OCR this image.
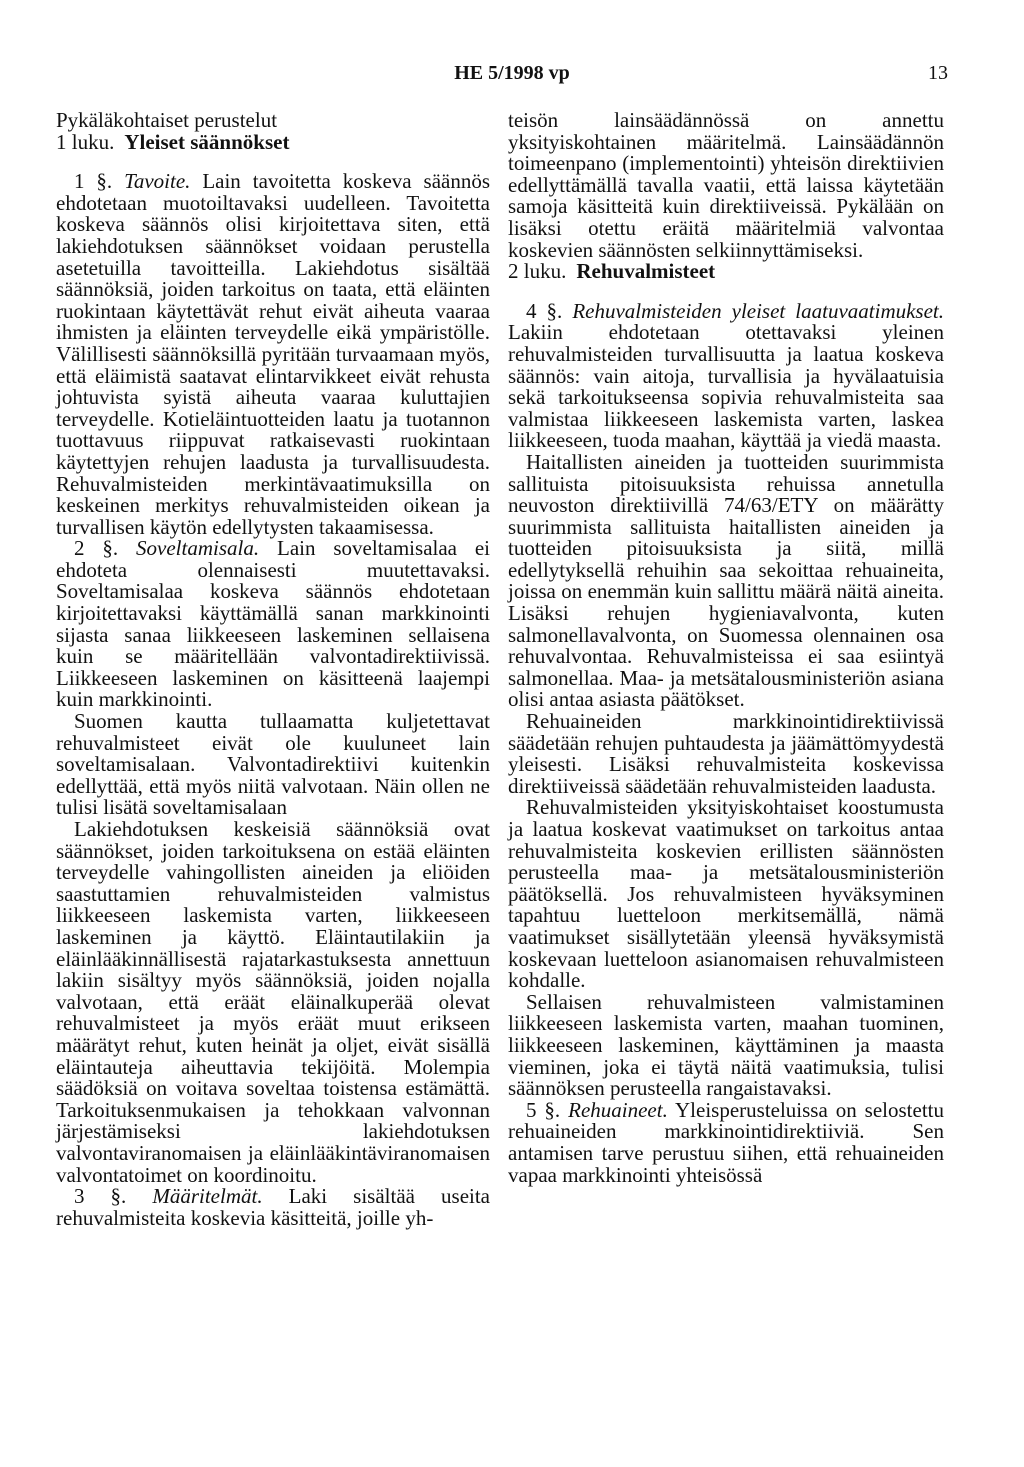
HE 5/1998 vp	13

Pykäläkohtaiset perustelut

1 luku. Yleiset säännökset

1 §. Tavoite. Lain tavoitetta koskeva säännös ehdotetaan muotoiltavaksi uudelleen. Tavoitetta koskeva säännös olisi kirjoitettava siten, että lakiehdotuksen säännökset voidaan perustella asetetuilla tavoitteilla. Lakiehdotus sisältää säännöksiä, joiden tarkoitus on taata, että eläinten ruokintaan käytettävät rehut eivät aiheuta vaaraa ihmisten ja eläinten terveydelle eikä ympäristölle. Välillisesti säännöksillä pyritään turvaamaan myös, että eläimistä saatavat elintarvikkeet eivät rehusta johtuvista syistä aiheuta vaaraa kuluttajien terveydelle. Kotieläintuotteiden laatu ja tuotannon tuottavuus riippuvat ratkaisevasti ruokintaan käytettyjen rehujen laadusta ja turvallisuudesta. Rehuvalmisteiden merkintävaatimuksilla on keskeinen merkitys rehuvalmisteiden oikean ja turvallisen käytön edellytysten takaamisessa.

2 §. Soveltamisala. Lain soveltamisalaa ei ehdoteta olennaisesti muutettavaksi. Soveltamisalaa koskeva säännös ehdotetaan kirjoitettavaksi käyttämällä sanan markkinointi sijasta sanaa liikkeeseen laskeminen sellaisena kuin se määritellään valvontadirektiivissä. Liikkeeseen laskeminen on käsitteenä laajempi kuin markkinointi.

Suomen kautta tullaamatta kuljetettavat rehuvalmisteet eivät ole kuuluneet lain soveltamisalaan. Valvontadirektiivi kuitenkin edellyttää, että myös niitä valvotaan. Näin ollen ne tulisi lisätä soveltamisalaan

Lakiehdotuksen keskeisiä säännöksiä ovat säännökset, joiden tarkoituksena on estää eläinten terveydelle vahingollisten aineiden ja eliöiden saastuttamien rehuvalmisteiden valmistus liikkeeseen laskemista varten, liikkeeseen laskeminen ja käyttö. Eläintautilakiin ja eläinlääkinnällisestä rajatarkastuksesta annettuun lakiin sisältyy myös säännöksiä, joiden nojalla valvotaan, että eräät eläinalkuperää olevat rehuvalmisteet ja myös eräät muut erikseen määrätyt rehut, kuten heinät ja oljet, eivät sisällä eläintauteja aiheuttavia tekijöitä. Molempia säädöksiä on voitava soveltaa toistensa estämättä. Tarkoituksenmukaisen ja tehokkaan valvonnan järjestämiseksi lakiehdotuksen valvontaviranomaisen ja eläinlääkintäviranomaisen valvontatoimet on koordinoitu.

3 §. Määritelmät. Laki sisältää useita rehuvalmisteita koskevia käsitteitä, joille yh-

teisön lainsäädännössä on annettu yksityiskohtainen määritelmä. Lainsäädännön toimeenpano (implementointi) yhteisön direktiivien edellyttämällä tavalla vaatii, että laissa käytetään samoja käsitteitä kuin direktiiveissä. Pykälään on lisäksi otettu eräitä määritelmiä valvontaa koskevien säännösten selkiinnyttämiseksi.

2 luku. Rehuvalmisteet

4 §. Rehuvalmisteiden yleiset laatuvaatimukset. Lakiin ehdotetaan otettavaksi yleinen rehuvalmisteiden turvallisuutta ja laatua koskeva säännös: vain aitoja, turvallisia ja hyvälaatuisia sekä tarkoitukseensa sopivia rehuvalmisteita saa valmistaa liikkeeseen laskemista varten, laskea liikkeeseen, tuoda maahan, käyttää ja viedä maasta.

Haitallisten aineiden ja tuotteiden suurimmista sallituista pitoisuuksista rehuissa annetulla neuvoston direktiivillä 74/63/ETY on määrätty suurimmista sallituista haitallisten aineiden ja tuotteiden pitoisuuksista ja siitä, millä edellytyksellä rehuihin saa sekoittaa rehuaineita, joissa on enemmän kuin sallittu määrä näitä aineita. Lisäksi rehujen hygieniavalvonta, kuten salmonellavalvonta, on Suomessa olennainen osa rehuvalvontaa. Rehuvalmisteissa ei saa esiintyä salmonellaa. Maa- ja metsätalousministeriön asiana olisi antaa asiasta päätökset.

Rehuaineiden markkinointidirektiivissä säädetään rehujen puhtaudesta ja jäämättömyydestä yleisesti. Lisäksi rehuvalmisteita koskevissa direktiiveissä säädetään rehuvalmisteiden laadusta.

Rehuvalmisteiden yksityiskohtaiset koostumusta ja laatua koskevat vaatimukset on tarkoitus antaa rehuvalmisteita koskevien erillisten säännösten perusteella maa- ja metsätalousministeriön päätöksellä. Jos rehuvalmisteen hyväksyminen tapahtuu luetteloon merkitsemällä, nämä vaatimukset sisällytetään yleensä hyväksymistä koskevaan luetteloon asianomaisen rehuvalmisteen kohdalle.

Sellaisen rehuvalmisteen valmistaminen liikkeeseen laskemista varten, maahan tuominen, liikkeeseen laskeminen, käyttäminen ja maasta vieminen, joka ei täytä näitä vaatimuksia, tulisi säännöksen perusteella rangaistavaksi.

5 §. Rehuaineet. Yleisperusteluissa on selostettu rehuaineiden markkinointidirektiiviä. Sen antamisen tarve perustuu siihen, että rehuaineiden vapaa markkinointi yhteisössä
